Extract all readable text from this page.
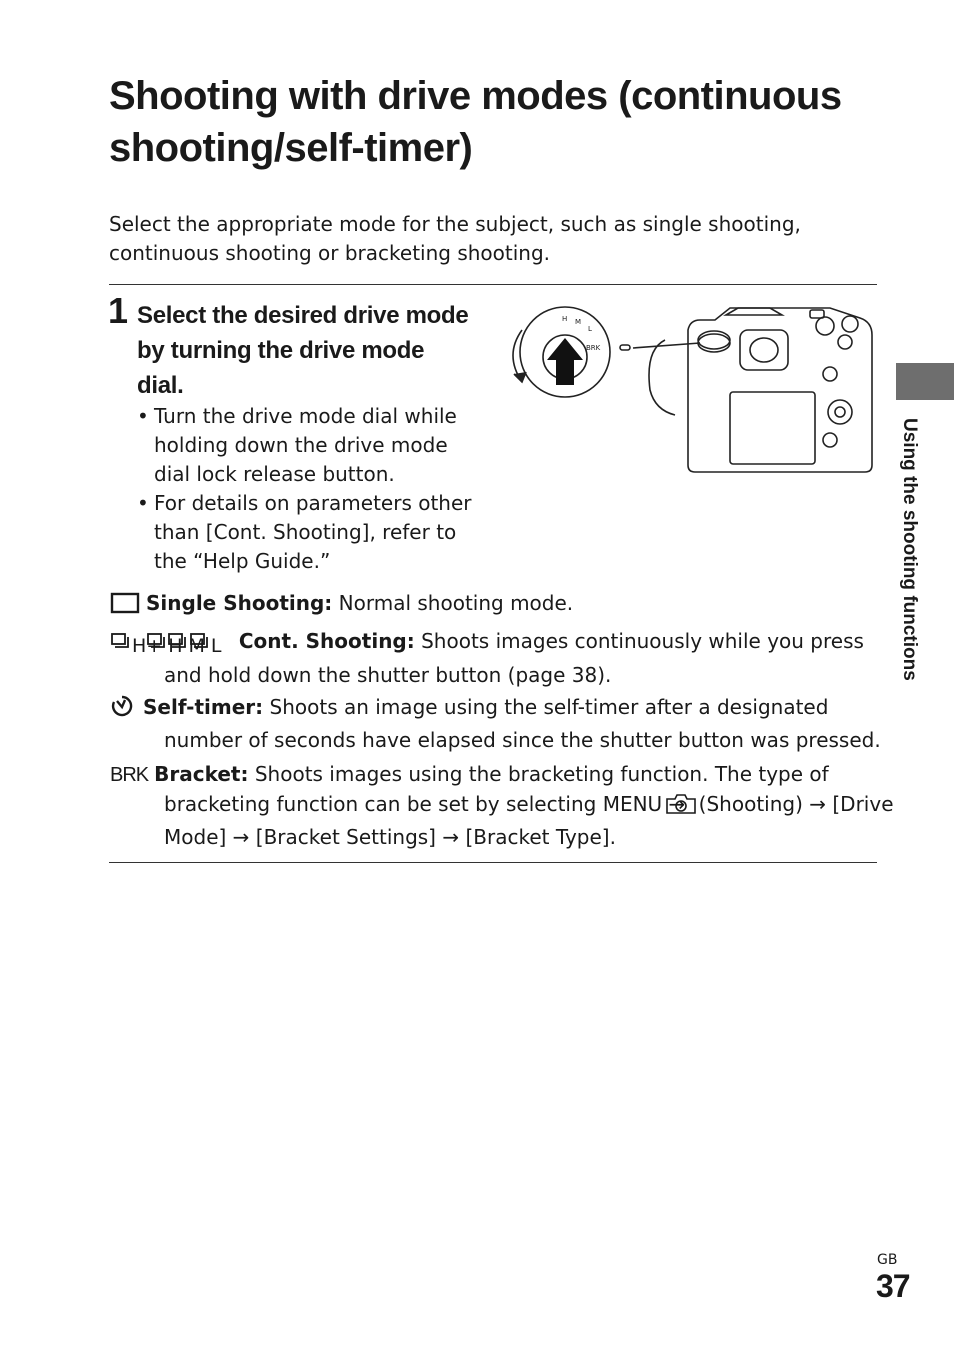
Shooting with drive modes (continuous shooting/self-timer)

Select the appropriate mode for the subject, such as single shooting, continuous shooting or bracketing shooting.

1 Select the desired drive mode by turning the drive mode dial.
• Turn the drive mode dial while holding down the drive mode dial lock release button.
• For details on parameters other than [Cont. Shooting], refer to the “Help Guide.”
BRK
H M
L

Single Shooting: Normal shooting mode.

H+ H M L Cont. Shooting: Shoots images continuously while you press and hold down the shutter button (page 38).

Self-timer: Shoots an image using the self-timer after a designated number of seconds have elapsed since the shutter button was pressed.

BRK Bracket: Shoots images using the bracketing function. The type of bracketing function can be set by selecting MENU → (Shooting) → [Drive Mode] → [Bracket Settings] → [Bracket Type].

Using the shooting functions
GB
37
